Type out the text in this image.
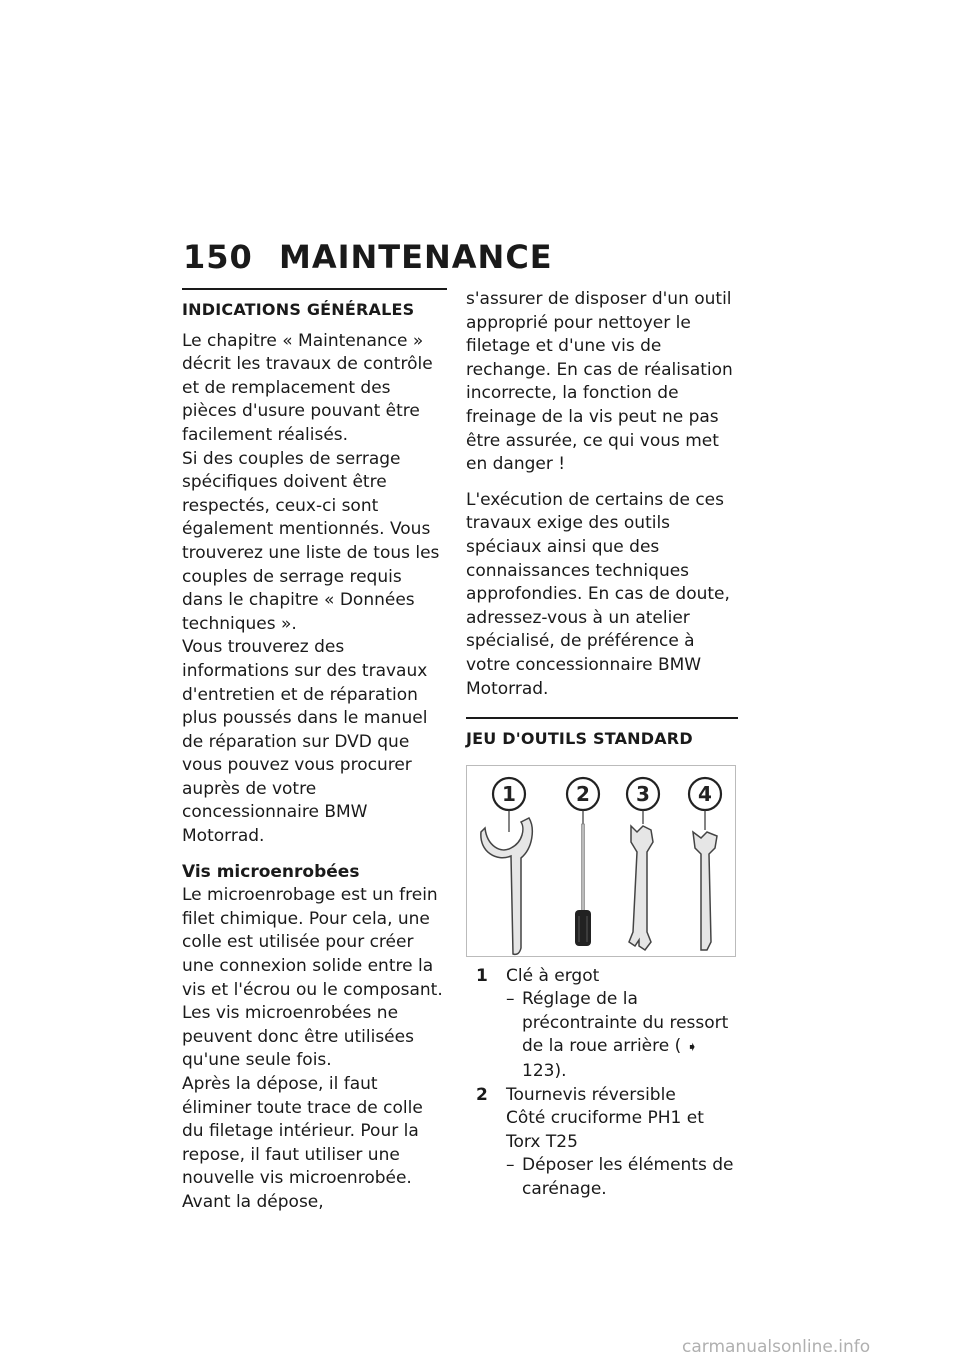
150 MAINTENANCE
INDICATIONS GÉNÉRALES

Le chapitre « Maintenance » décrit les travaux de contrôle et de remplacement des pièces d'usure pouvant être facilement réalisés.

Si des couples de serrage spécifiques doivent être respectés, ceux-ci sont également mentionnés. Vous trouverez une liste de tous les couples de serrage requis dans le chapitre « Données techniques ».

Vous trouverez des informations sur des travaux d'entretien et de réparation plus poussés dans le manuel de réparation sur DVD que vous pouvez vous procurer auprès de votre concessionnaire BMW Motorrad.

Vis microenrobées

Le microenrobage est un frein filet chimique. Pour cela, une colle est utilisée pour créer une connexion solide entre la vis et l'écrou ou le composant. Les vis microenrobées ne peuvent donc être utilisées qu'une seule fois.

Après la dépose, il faut éliminer toute trace de colle du filetage intérieur. Pour la repose, il faut utiliser une nouvelle vis microenrobée. Avant la dépose,

s'assurer de disposer d'un outil approprié pour nettoyer le filetage et d'une vis de rechange. En cas de réalisation incorrecte, la fonction de freinage de la vis peut ne pas être assurée, ce qui vous met en danger !

L'exécution de certains de ces travaux exige des outils spéciaux ainsi que des connaissances techniques approfondies. En cas de doute, adressez-vous à un atelier spécialisé, de préférence à votre concessionnaire BMW Motorrad.

JEU D'OUTILS STANDARD
1	2 3 4
1	Clé à ergot
– Réglage de la précontrainte du ressort de la roue arrière ( ➧123).
2	Tournevis réversible
Côté cruciforme PH1 et Torx T25
– Déposer les éléments de carénage.
carmanualsonline.info
